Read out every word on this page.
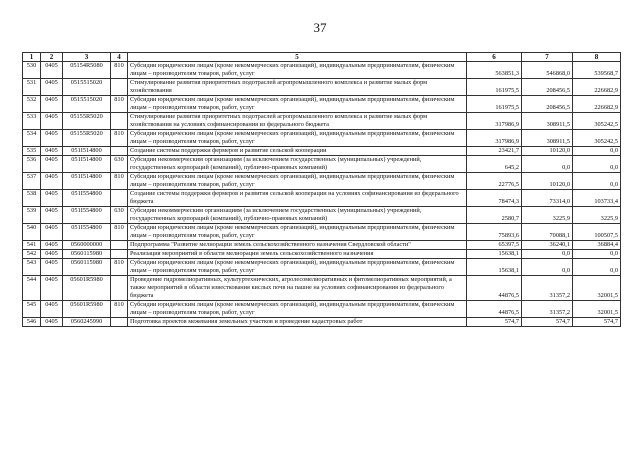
37
1	2	3	4	5	6	7	8
530	0405	05154R5080	810	Субсидии юридическим лицам (кроме некоммерческих организаций), индивидуальным предпринимателям, физическим лицам – производителям товаров, работ, услуг	563851,3	546868,0	539568,7
531	0405	0515515020		Стимулирование развития приоритетных подотраслей агропромышленного комплекса и развитие малых форм хозяйствования	161975,5	208456,5	226682,9
532	0405	0515515020	810	Субсидии юридическим лицам (кроме некоммерческих организаций), индивидуальным предпринимателям, физическим лицам – производителям товаров, работ, услуг	161975,5	208456,5	226682,9
533	0405	05155R5020		Стимулирование развития приоритетных подотраслей агропромышленного комплекса и развитие малых форм хозяйствования на условиях софинансирования из федерального бюджета	317986,9	308911,5	305242,5
534	0405	05155R5020	810	Субсидии юридическим лицам (кроме некоммерческих организаций), индивидуальным предпринимателям, физическим лицам – производителям товаров, работ, услуг	317986,9	308911,5	305242,5
535	0405	051I514800		Создание системы поддержки фермеров и развитие сельской кооперации	23421,7	10120,0	0,0
536	0405	051I514800	630	Субсидии некоммерческим организациям (за исключением государственных (муниципальных) учреждений, государственных корпораций (компаний), публично-правовых компаний)	645,2	0,0	0,0
537	0405	051I514800	810	Субсидии юридическим лицам (кроме некоммерческих организаций), индивидуальным предпринимателям, физическим лицам – производителям товаров, работ, услуг	22776,5	10120,0	0,0
538	0405	051I554800		Создание системы поддержки фермеров и развития сельской кооперации на условиях софинансирования из федерального бюджета	78474,3	73314,0	103733,4
539	0405	051I554800	630	Субсидии некоммерческим организациям (за исключением государственных (муниципальных) учреждений, государственных корпораций (компаний), публично-правовых компаний)	2580,7	3225,9	3225,9
540	0405	051I554800	810	Субсидии юридическим лицам (кроме некоммерческих организаций), индивидуальным предпринимателям, физическим лицам – производителям товаров, работ, услуг	75893,6	70088,1	100507,5
541	0405	0560000000		Подпрограмма "Развитие мелиорации земель сельскохозяйственного назначения Свердловской области"	65397,5	36240,1	36884,4
542	0405	0560115980		Реализация мероприятий в области мелиорации земель сельскохозяйственного назначения	15638,1	0,0	0,0
543	0405	0560115980	810	Субсидии юридическим лицам (кроме некоммерческих организаций), индивидуальным предпринимателям, физическим лицам – производителям товаров, работ, услуг	15638,1	0,0	0,0
544	0405	05601R5980		Проведение гидромелиоративных, культуртехнических, агролесомелиоративных и фитомелиоративных мероприятий, а также мероприятий в области известкования кислых почв на пашне на условиях софинансирования из федерального бюджета	44876,5	31357,2	32001,5
545	0405	05601R5980	810	Субсидии юридическим лицам (кроме некоммерческих организаций), индивидуальным предпринимателям, физическим лицам – производителям товаров, работ, услуг	44876,5	31357,2	32001,5
546	0405	0560245990		Подготовка проектов межевания земельных участков и проведение кадастровых работ	574,7	574,7	574,7
